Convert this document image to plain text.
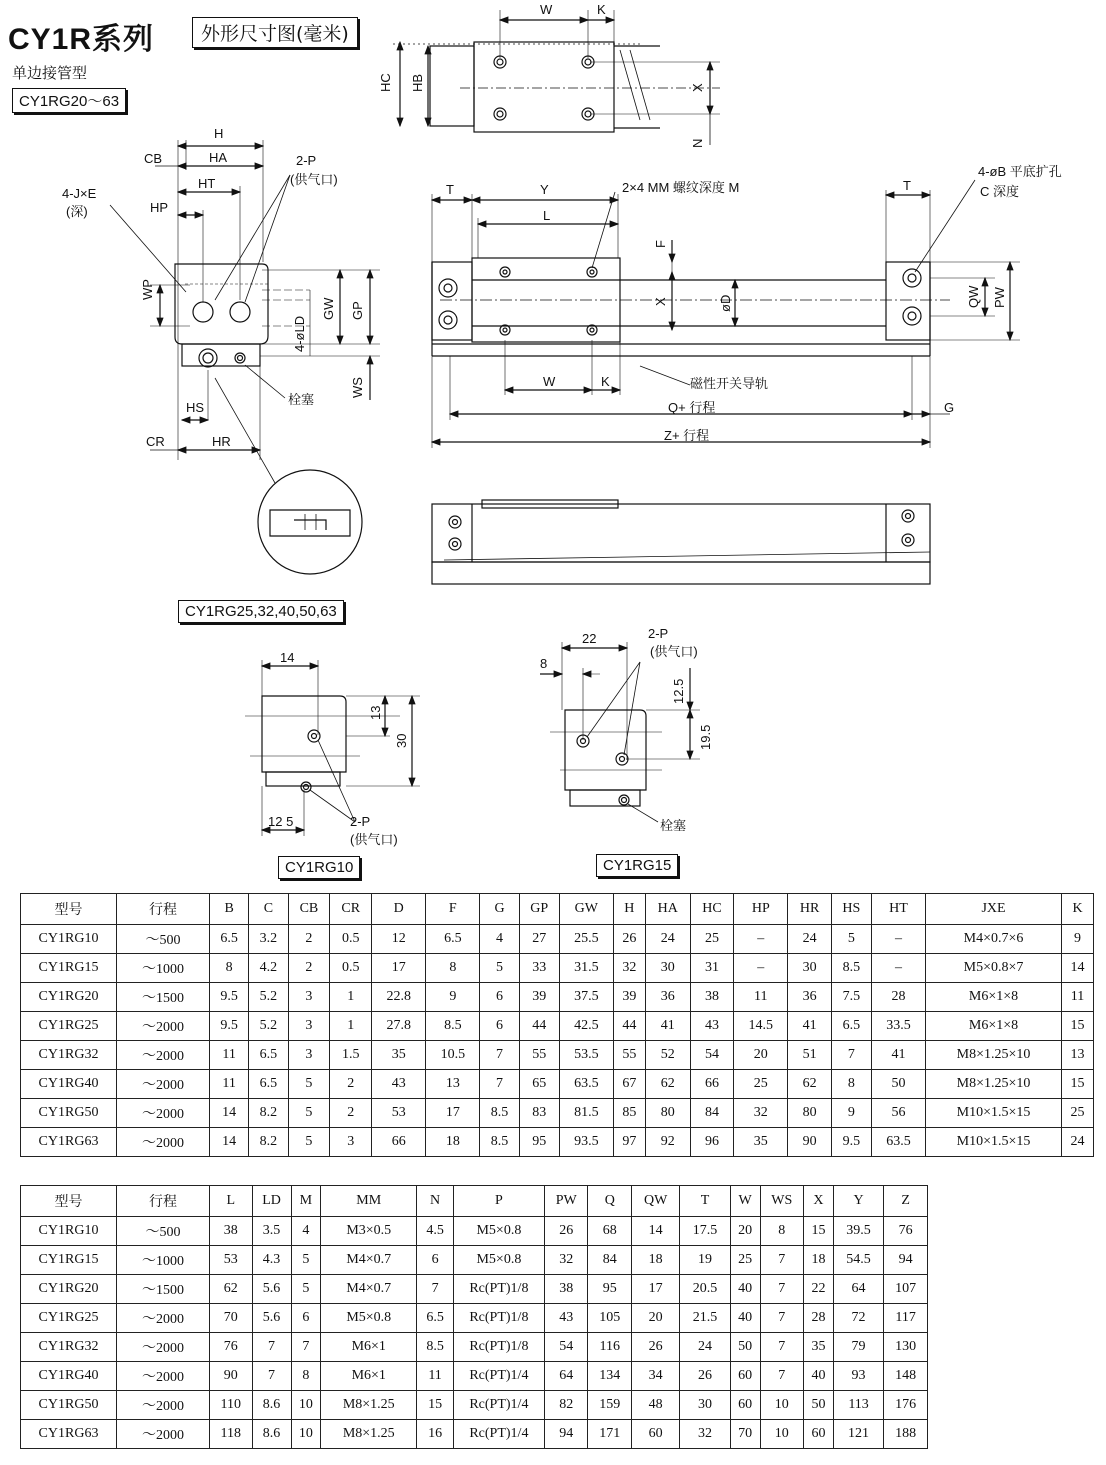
CY1R系列	外形尺寸图(毫米)
单边接管型
CY1RG20～63
W	K
HC HB	X
N
H
CB	HA
HT
HP
4-J×E
(深)
2-P
(供气口)
WP
GW GP
4-øLD
WS
HS
CR	HR
栓塞
T	Y
L
2×4 MM 螺纹深度 M	T
4-øB 平底扩孔
C 深度
F
X	øD	QW PW
W	K	磁性开关导轨
Q+ 行程	G
Z+ 行程
14
13
30
12 5	2-P
(供气口)
22
8
12.5
19.5
2-P
(供气口)
栓塞
CY1RG25,32,40,50,63
CY1RG10	CY1RG15
型号	行程	B	C	CB	CR	D	F	G	GP	GW	H	HA	HC	HP	HR	HS	HT	JXE	K
CY1RG10	～500	6.5	3.2	2	0.5	12	6.5	4	27	25.5	26	24	25	–	24	5	–	M4×0.7×6	9
CY1RG15	～1000	8	4.2	2	0.5	17	8	5	33	31.5	32	30	31	–	30	8.5	–	M5×0.8×7	14
CY1RG20	～1500	9.5	5.2	3	1	22.8	9	6	39	37.5	39	36	38	11	36	7.5	28	M6×1×8	11
CY1RG25	～2000	9.5	5.2	3	1	27.8	8.5	6	44	42.5	44	41	43	14.5	41	6.5	33.5	M6×1×8	15
CY1RG32	～2000	11	6.5	3	1.5	35	10.5	7	55	53.5	55	52	54	20	51	7	41	M8×1.25×10	13
CY1RG40	～2000	11	6.5	5	2	43	13	7	65	63.5	67	62	66	25	62	8	50	M8×1.25×10	15
CY1RG50	～2000	14	8.2	5	2	53	17	8.5	83	81.5	85	80	84	32	80	9	56	M10×1.5×15	25
CY1RG63	～2000	14	8.2	5	3	66	18	8.5	95	93.5	97	92	96	35	90	9.5	63.5	M10×1.5×15	24
型号	行程	L	LD	M	MM	N	P	PW	Q	QW	T	W	WS	X	Y	Z
CY1RG10	～500	38	3.5	4	M3×0.5	4.5	M5×0.8	26	68	14	17.5	20	8	15	39.5	76
CY1RG15	～1000	53	4.3	5	M4×0.7	6	M5×0.8	32	84	18	19	25	7	18	54.5	94
CY1RG20	～1500	62	5.6	5	M4×0.7	7	Rc(PT)1/8	38	95	17	20.5	40	7	22	64	107
CY1RG25	～2000	70	5.6	6	M5×0.8	6.5	Rc(PT)1/8	43	105	20	21.5	40	7	28	72	117
CY1RG32	～2000	76	7	7	M6×1	8.5	Rc(PT)1/8	54	116	26	24	50	7	35	79	130
CY1RG40	～2000	90	7	8	M6×1	11	Rc(PT)1/4	64	134	34	26	60	7	40	93	148
CY1RG50	～2000	110	8.6	10	M8×1.25	15	Rc(PT)1/4	82	159	48	30	60	10	50	113	176
CY1RG63	～2000	118	8.6	10	M8×1.25	16	Rc(PT)1/4	94	171	60	32	70	10	60	121	188
